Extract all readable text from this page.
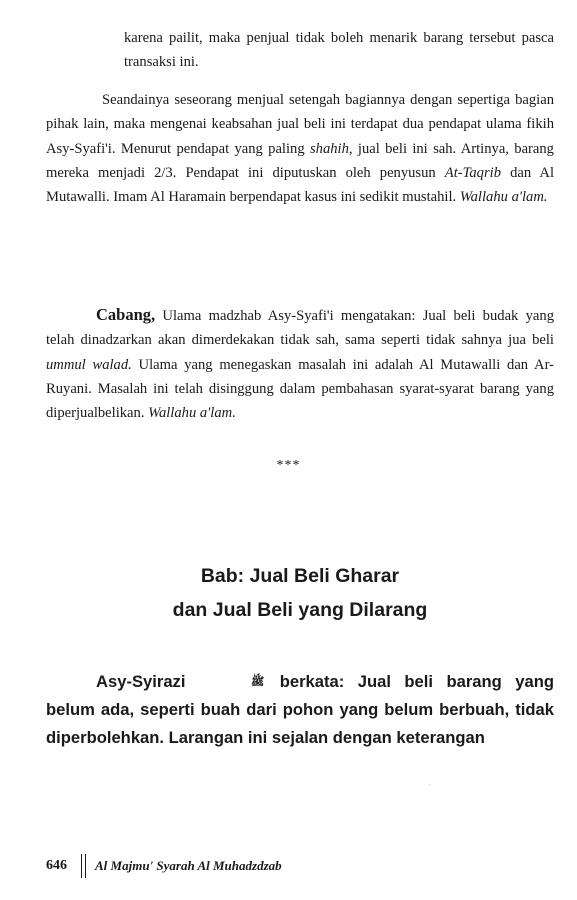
karena pailit, maka penjual tidak boleh menarik barang tersebut pasca transaksi ini.

Seandainya seseorang menjual setengah bagiannya dengan sepertiga bagian pihak lain, maka mengenai keabsahan jual beli ini terdapat dua pendapat ulama fikih Asy-Syafi'i. Menurut pendapat yang paling shahih, jual beli ini sah. Artinya, barang mereka menjadi 2/3. Pendapat ini diputuskan oleh penyusun At-Taqrib dan Al Mutawalli. Imam Al Haramain berpendapat kasus ini sedikit mustahil. Wallahu a'lam.

Cabang, Ulama madzhab Asy-Syafi'i mengatakan: Jual beli budak yang telah dinadzarkan akan dimerdekakan tidak sah, sama seperti tidak sahnya jua beli ummul walad. Ulama yang menegaskan masalah ini adalah Al Mutawalli dan Ar-Ruyani. Masalah ini telah disinggung dalam pembahasan syarat-syarat barang yang diperjualbelikan. Wallahu a'lam.

***
Bab: Jual Beli Gharar
dan Jual Beli yang Dilarang

Asy-Syirazi	ﷺ berkata: Jual beli barang yang belum ada, seperti buah dari pohon yang belum berbuah, tidak diperbolehkan. Larangan ini sejalan dengan keterangan

·
646 Al Majmu' Syarah Al Muhadzdzab
